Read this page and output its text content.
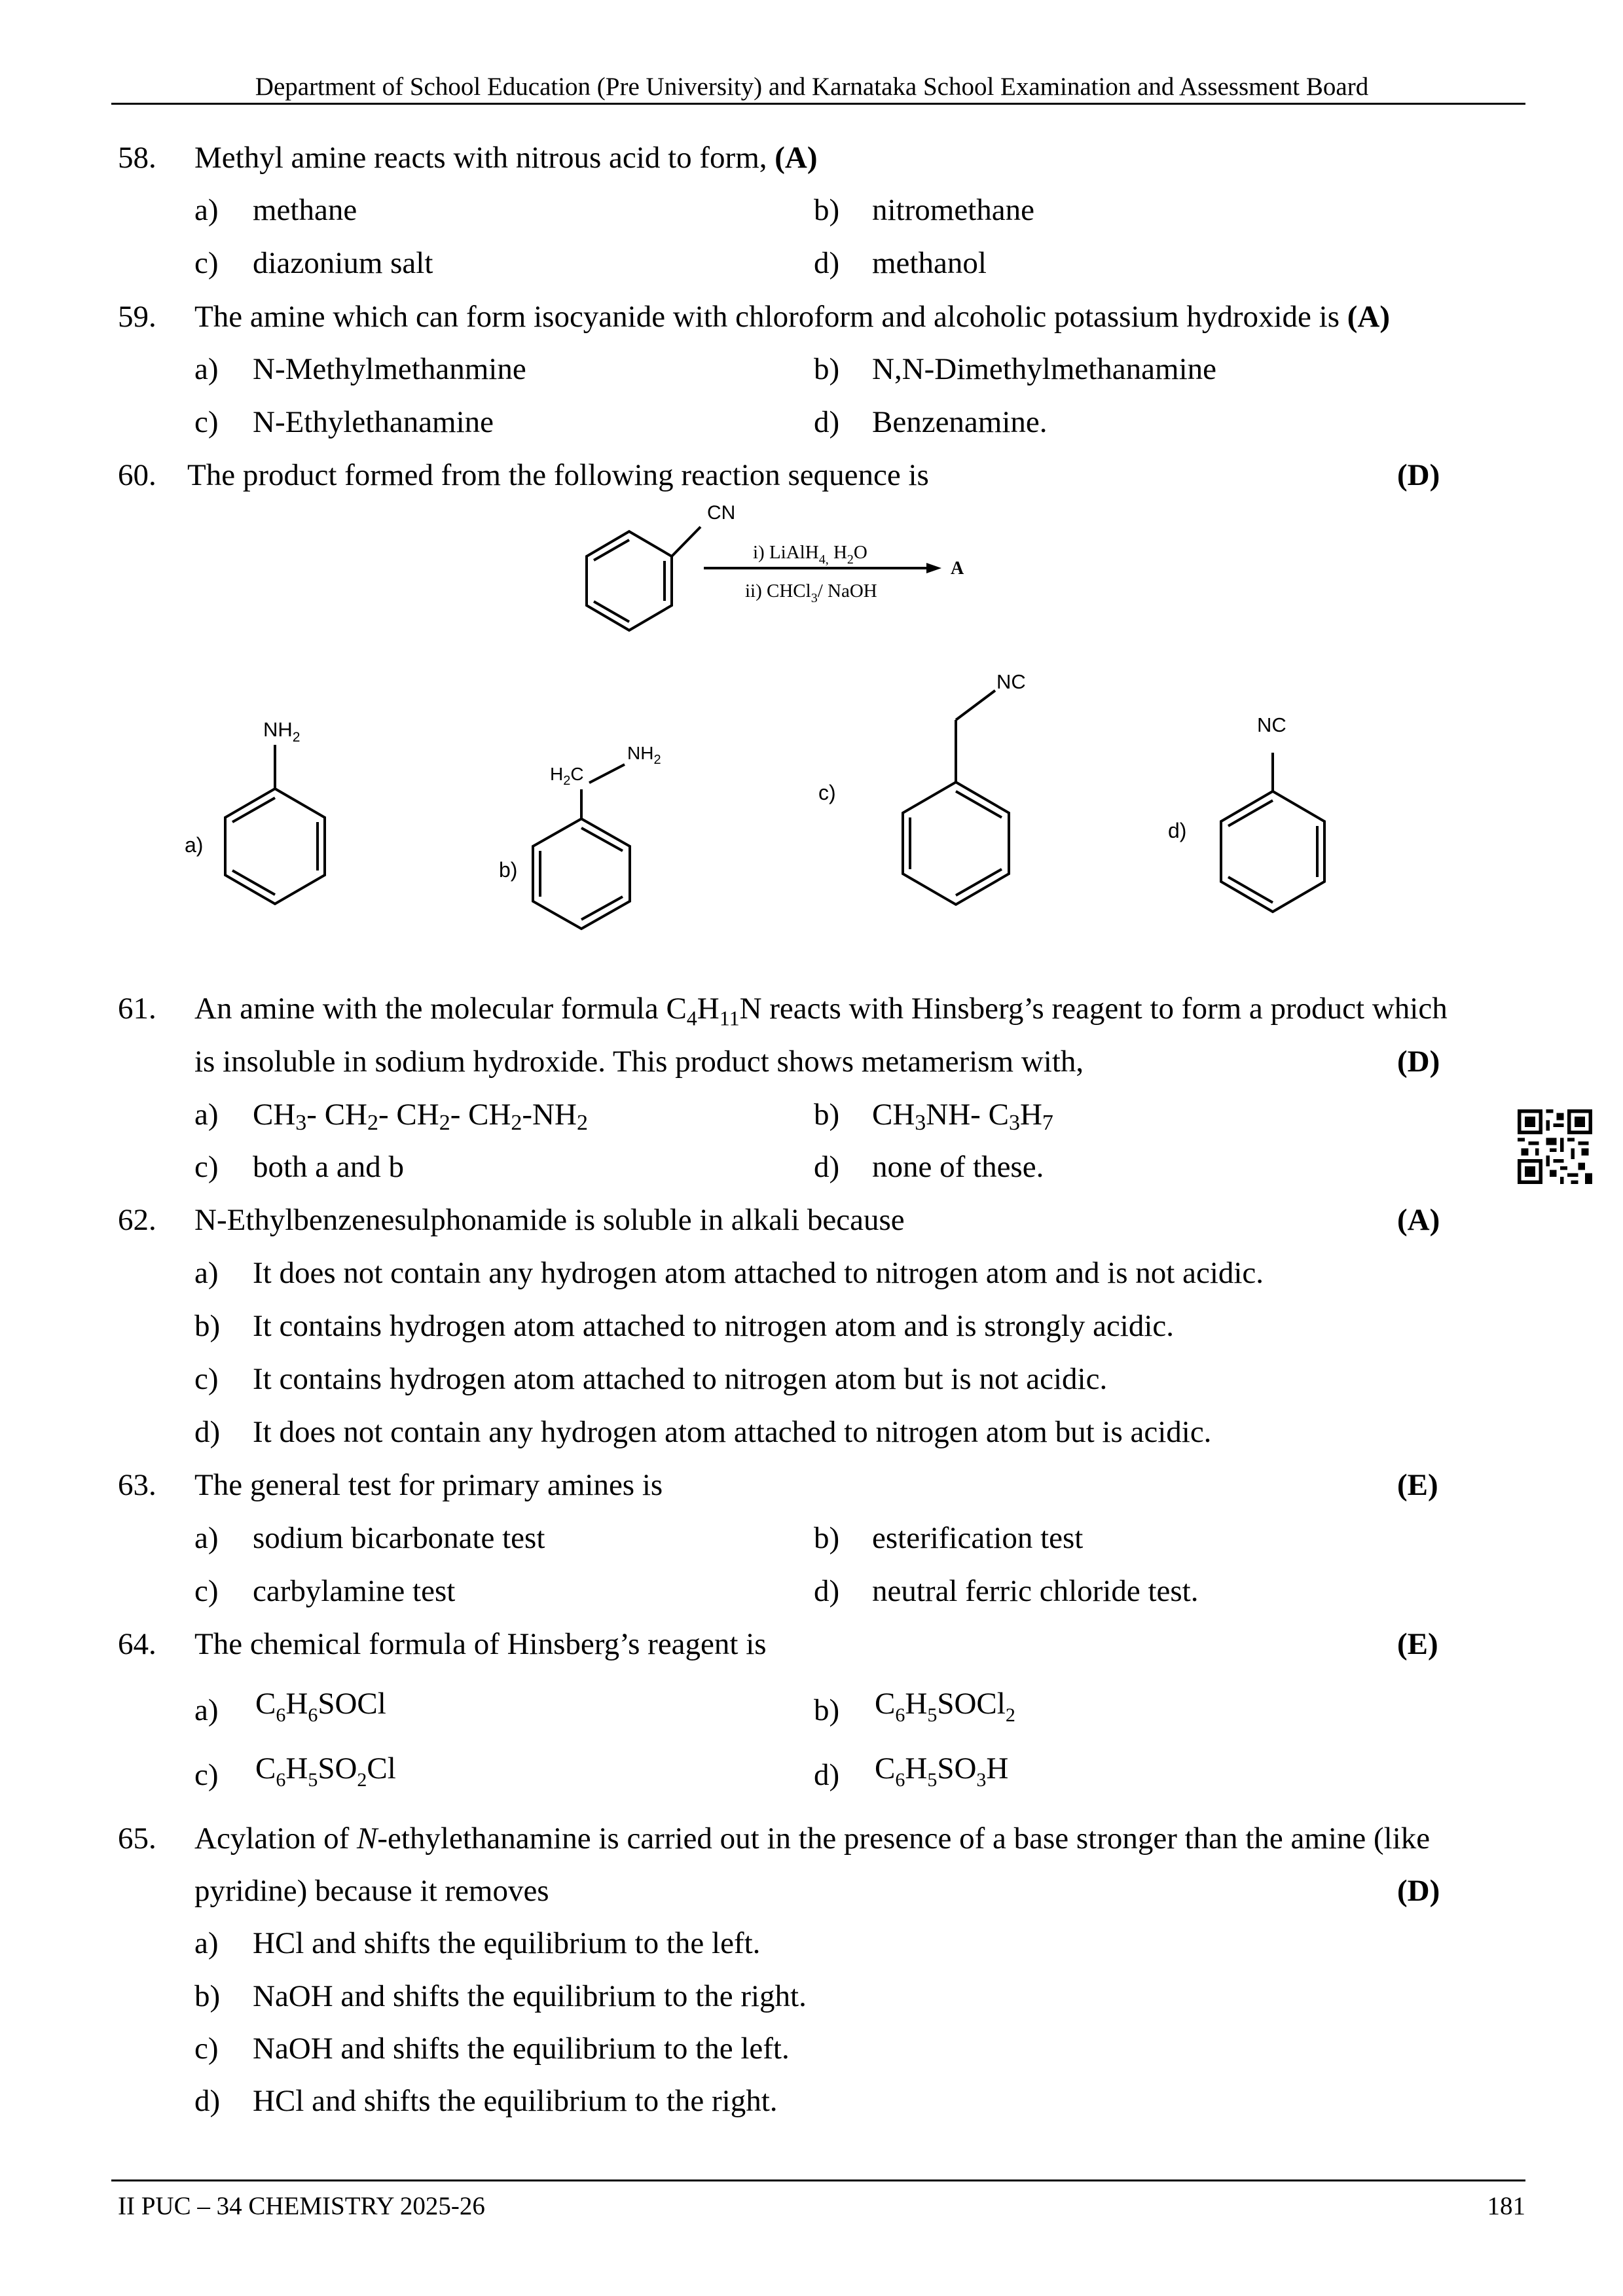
Department of School Education (Pre University) and Karnataka School Examination and Assessment Board
II PUC – 34 CHEMISTRY 2025-26	181
58. Methyl amine reacts with nitrous acid to form, (A)
a) methane	b) nitromethane
c) diazonium salt	d) methanol
59. The amine which can form isocyanide with chloroform and alcoholic potassium hydroxide is (A)
a) N-Methylmethanmine	b) N,N-Dimethylmethanamine
c) N-Ethylethanamine	d) Benzenamine.
60. The product formed from the following reaction sequence is	(D)
CN
i) LiAlH$_{4,}$ $H_2O$
ii) CHCl$_3$/ NaOH
A
a)
$NH_2$
b)
$H_2C$
$NH_2$
c)
NC
d)
NC
61. An amine with the molecular formula $C_4H_{11}N$ reacts with Hinsberg’s reagent to form a product which
is insoluble in sodium hydroxide. This product shows metamerism with,	(D)
a) CH3- CH2- CH2- CH2-NH2	b) CH3NH- C3H7
c) both a and b	d) none of these.
62. N-Ethylbenzenesulphonamide is soluble in alkali because	(A)
a) It does not contain any hydrogen atom attached to nitrogen atom and is not acidic.
b) It contains hydrogen atom attached to nitrogen atom and is strongly acidic.
c) It contains hydrogen atom attached to nitrogen atom but is not acidic.
d) It does not contain any hydrogen atom attached to nitrogen atom but is acidic.
63. The general test for primary amines is	(E)
a) sodium bicarbonate test	b) esterification test
c) carbylamine test	d) neutral ferric chloride test.
64. The chemical formula of Hinsberg’s reagent is	(E)
a) $C_6H_6SOCl$	b) $C_6H_5SOCl_2$
c) $C_6H_5SO_2Cl$	d) $C_6H_5SO_3H$
65. Acylation of N-ethylethanamine is carried out in the presence of a base stronger than the amine (like
pyridine) because it removes	(D)
a) HCl and shifts the equilibrium to the left.
b) NaOH and shifts the equilibrium to the right.
c) NaOH and shifts the equilibrium to the left.
d) HCl and shifts the equilibrium to the right.
